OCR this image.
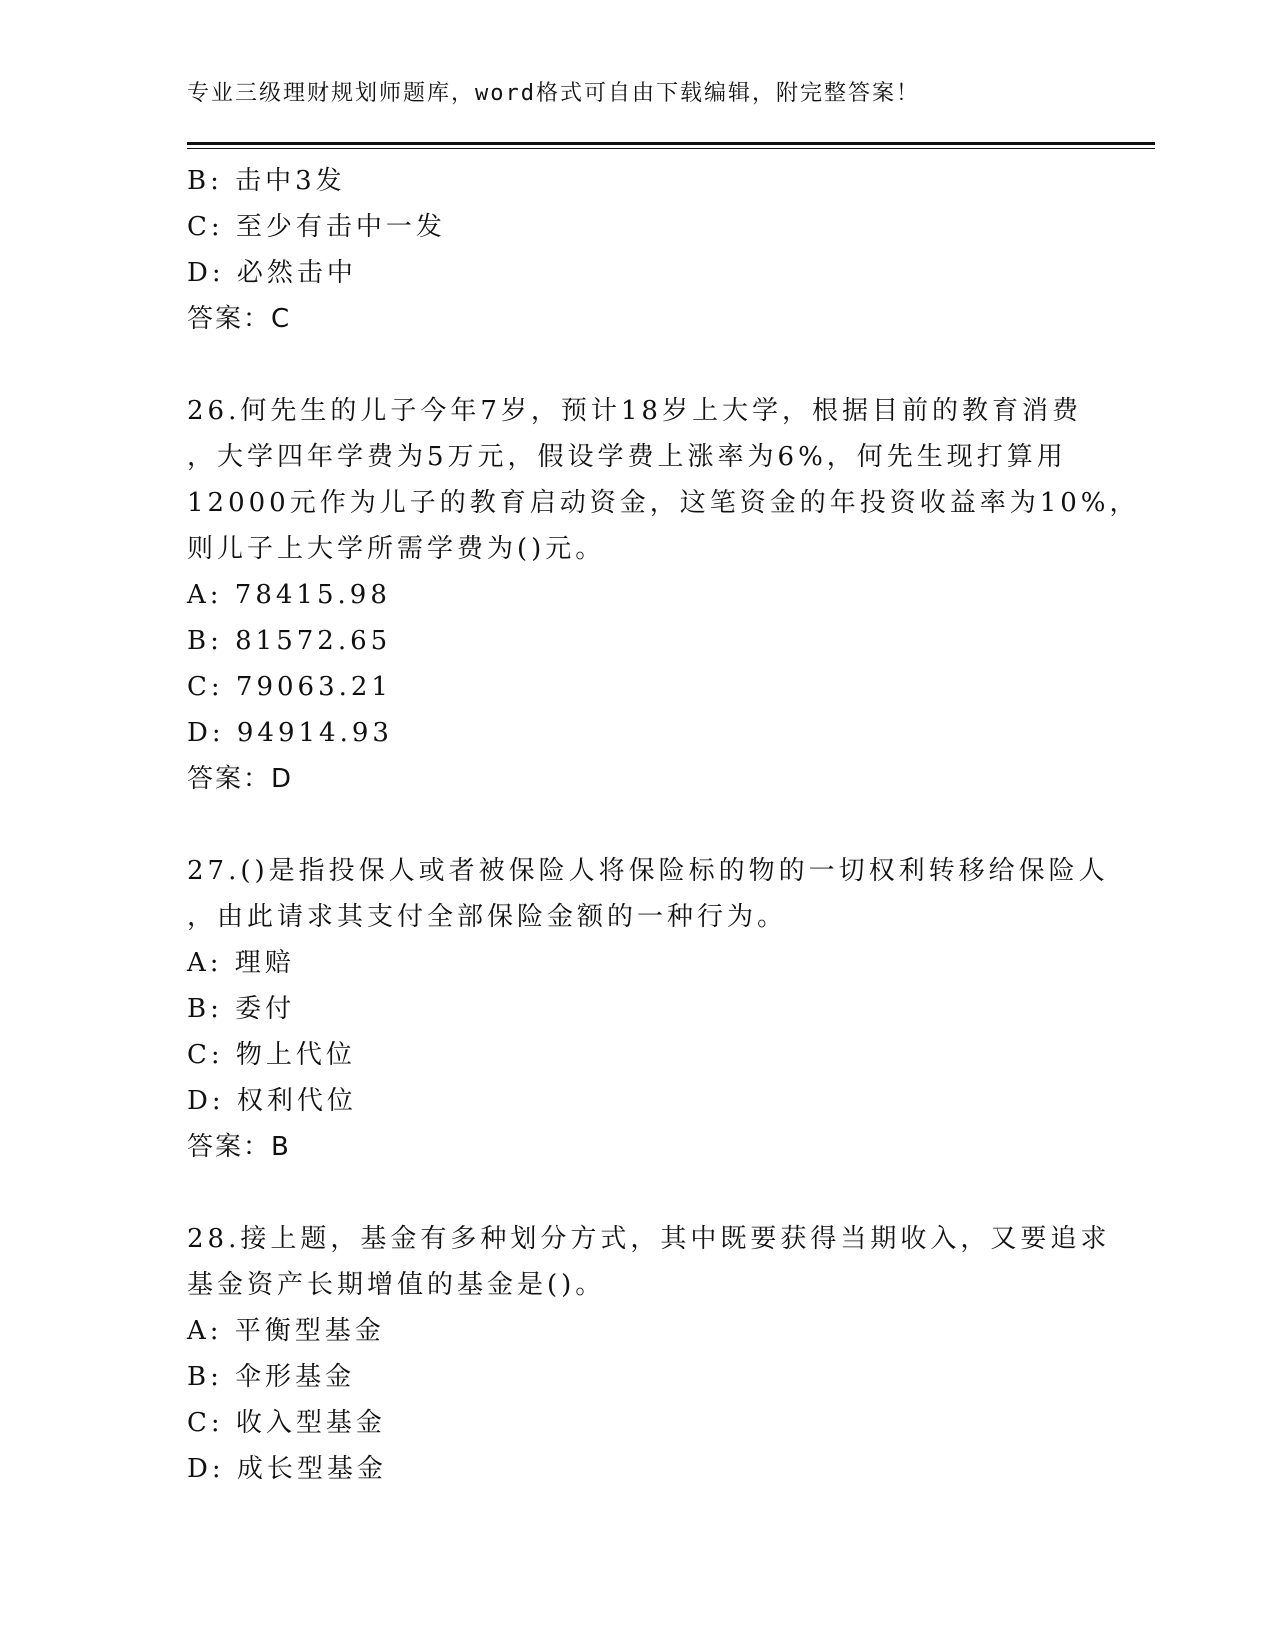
专业三级理财规划师题库，word格式可自由下载编辑，附完整答案！
B: 击中3发
C: 至少有击中一发
D: 必然击中
答案：C
26.何先生的儿子今年7岁，预计18岁上大学，根据目前的教育消费
，大学四年学费为5万元，假设学费上涨率为6%，何先生现打算用
12000元作为儿子的教育启动资金，这笔资金的年投资收益率为10%，
则儿子上大学所需学费为()元。
A: 78415.98
B: 81572.65
C: 79063.21
D: 94914.93
答案：D
27.()是指投保人或者被保险人将保险标的物的一切权利转移给保险人
，由此请求其支付全部保险金额的一种行为。
A: 理赔
B: 委付
C: 物上代位
D: 权利代位
答案：B
28.接上题，基金有多种划分方式，其中既要获得当期收入，又要追求
基金资产长期增值的基金是()。
A: 平衡型基金
B: 伞形基金
C: 收入型基金
D: 成长型基金
